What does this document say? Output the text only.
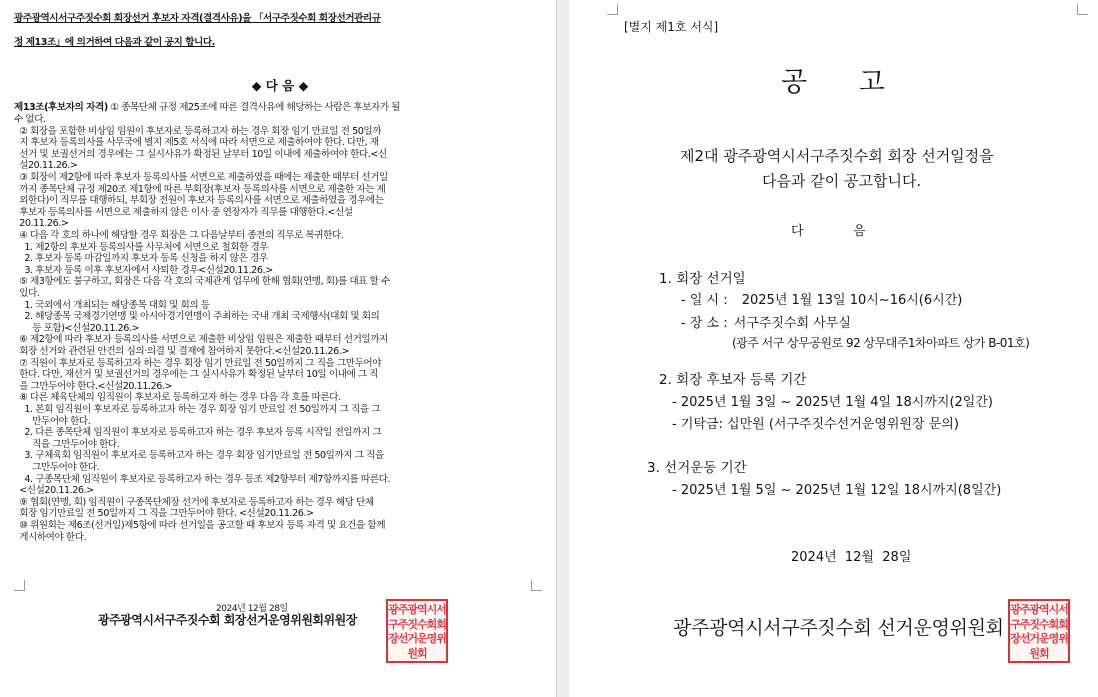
광주광역시서구주짓수회 회장선거 후보자 자격(결격사유)을 「서구주짓수회 회장선거관리규
정 제13조」에 의거하여 다음과 같이 공지 합니다.
◆ 다 음 ◆
제13조(후보자의 자격) ① 종목단체 규정 제25조에 따른 결격사유에 해당하는 사람은 후보자가 될
수 없다.
② 회장을 포함한 비상임 임원이 후보자로 등록하고자 하는 경우 회장 임기 만료일 전 50일까
지 후보자 등록의사를 사무국에 별지 제5호 서식에 따라 서면으로 제출하여야 한다. 다만, 재
선거 및 보궐선거의 경우에는 그 실시사유가 확정된 날부터 10일 이내에 제출하여야 한다.<신
설20.11.26.>
③ 회장이 제2항에 따라 후보자 등록의사를 서면으로 제출하였을 때에는 제출한 때부터 선거일
까지 종목단체 규정 제20조 제1항에 따른 부회장(후보자 등록의사를 서면으로 제출한 자는 제
외한다)이 직무를 대행하되, 부회장 전원이 후보자 등록의사를 서면으로 제출하였을 경우에는
후보자 등록의사를 서면으로 제출하지 않은 이사 중 연장자가 직무를 대행한다.<신설
20.11.26.>
④ 다음 각 호의 하나에 해당할 경우 회장은 그 다음날부터 종전의 직무로 복귀한다.
1. 제2항의 후보자 등록의사를 사무처에 서면으로 철회한 경우
2. 후보자 등록 마감일까지 후보자 등록 신청을 하지 않은 경우
3. 후보자 등록 이후 후보자에서 사퇴한 경우<신설20.11.26.>
⑤ 제3항에도 불구하고, 회장은 다음 각 호의 국제관계 업무에 한해 협회(연맹, 회)를 대표 할 수
있다.
1. 국외에서 개최되는 해당종목 대회 및 회의 등
2. 해당종목 국제경기연맹 및 아시아경기연맹이 주최하는 국내 개최 국제행사(대회 및 회의
등 포함)<신설20.11.26.>
⑥ 제2항에 따라 후보자 등록의사를 서면으로 제출한 비상임 임원은 제출한 때부터 선거일까지
회장 선거와 관련된 안건의 심의·의결 및 결재에 참여하지 못한다.<신설20.11.26.>
⑦ 직원이 후보자로 등록하고자 하는 경우 회장 임기 만료일 전 50일까지 그 직을 그만두어야
한다. 다만, 재선거 및 보궐선거의 경우에는 그 실시사유가 확정된 날부터 10일 이내에 그 직
을 그만두어야 한다.<신설20.11.26.>
⑧ 다른 체육단체의 임직원이 후보자로 등록하고자 하는 경우 다음 각 호를 따른다.
1. 본회 임직원이 후보자로 등록하고자 하는 경우 회장 임기 만료일 전 50일까지 그 직을 그
만두어야 한다.
2. 다른 종목단체 임직원이 후보자로 등록하고자 하는 경우 후보자 등록 시작일 전일까지 그
직을 그만두어야 한다.
3. 구체육회 임직원이 후보자로 등록하고자 하는 경우 회장 임기만료일 전 50일까지 그 직을
그만두어야 한다.
4. 구종목단체 임직원이 후보자로 등록하고자 하는 경우 등조 제2항부터 제7항까지를 따른다.
<신설20.11.26.>
⑨ 협회(연맹, 회) 임직원이 구종목단체장 선거에 후보자로 등록하고자 하는 경우 해당 단체
회장 임기만료일 전 50일까지 그 직을 그만두어야 한다. <신설20.11.26.>
⑩ 위원회는 제6조(선거일)제5항에 따라 선거일을 공고할 때 후보자 등록 자격 및 요건을 함께
게시하여야 한다.
2024년 12월 28일
광주광역시서구주짓수회 회장선거운영위원회위원장
광주광역시서구주짓수회회장선거운영위원회
[별지 제1호 서식]
공      고
제2대 광주광역시서구주짓수회 회장 선거일정을
다음과 같이 공고합니다.
다            음
1. 회장 선거일
- 일 시 : 2025년 1월 13일 10시~16시(6시간)
- 장 소 : 서구주짓수회 사무실
(광주 서구 상무공원로 92 상무대주1차아파트 상가 B-01호)
2. 회장 후보자 등록 기간
- 2025년 1월 3일 ~ 2025년 1월 4일 18시까지(2일간)
- 기탁금: 십만원 (서구주짓수선거운영위원장 문의)
3. 선거운동 기간
- 2025년 1월 5일 ~ 2025년 1월 12일 18시까지(8일간)
2024년  12월  28일
광주광역시서구주짓수회 선거운영위원회
광주광역시서구주짓수회회장선거운영위원회
